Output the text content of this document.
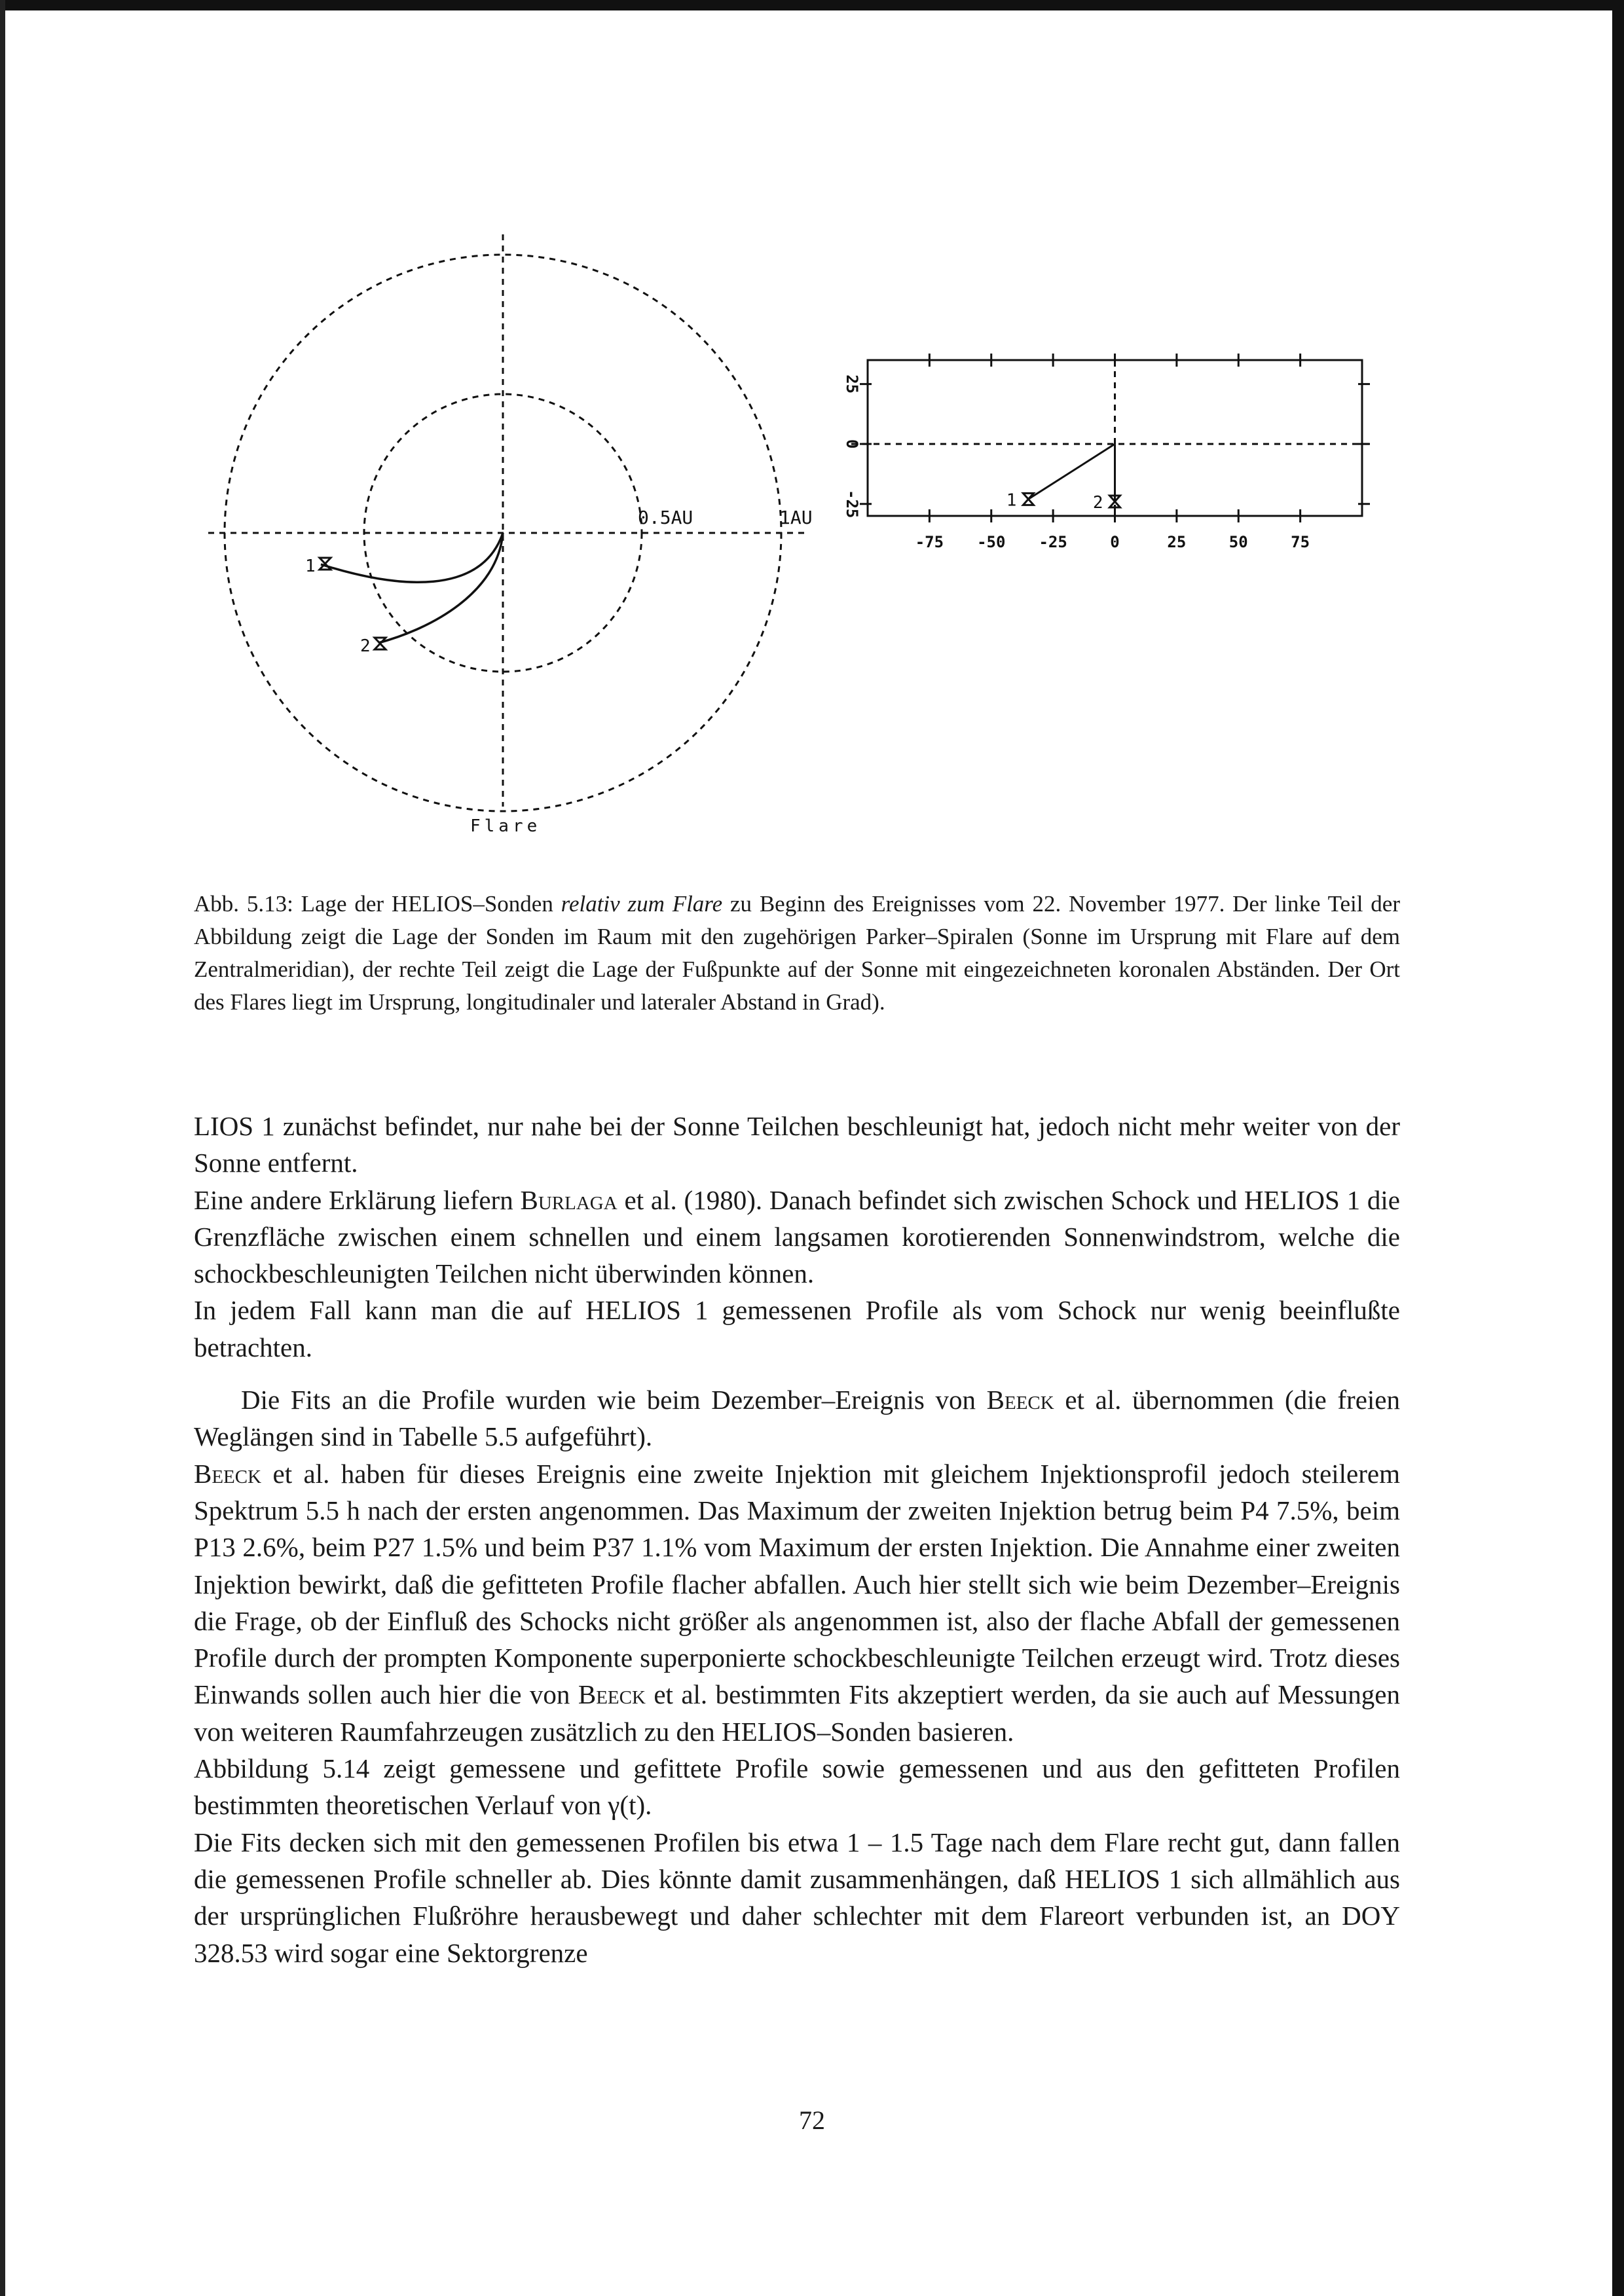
1
2
0.5AU	1AU
Flare
-75 -50 -25	0	25	50	75
25
0
-25	1	2

Abb. 5.13: Lage der HELIOS–Sonden relativ zum Flare zu Beginn des Ereignisses vom 22. November 1977. Der linke Teil der Abbildung zeigt die Lage der Sonden im Raum mit den zugehörigen Parker–Spiralen (Sonne im Ursprung mit Flare auf dem Zentralmeridian), der rechte Teil zeigt die Lage der Fußpunkte auf der Sonne mit eingezeichneten koronalen Abständen. Der Ort des Flares liegt im Ursprung, longitudinaler und lateraler Abstand in Grad).

LIOS 1 zunächst befindet, nur nahe bei der Sonne Teilchen beschleunigt hat, jedoch nicht mehr weiter von der Sonne entfernt.

Eine andere Erklärung liefern Burlaga et al. (1980). Danach befindet sich zwischen Schock und HELIOS 1 die Grenzfläche zwischen einem schnellen und einem langsamen korotierenden Sonnenwindstrom, welche die schockbeschleunigten Teilchen nicht überwinden können.

In jedem Fall kann man die auf HELIOS 1 gemessenen Profile als vom Schock nur wenig beeinflußte betrachten.

Die Fits an die Profile wurden wie beim Dezember–Ereignis von Beeck et al. übernommen (die freien Weglängen sind in Tabelle 5.5 aufgeführt).

Beeck et al. haben für dieses Ereignis eine zweite Injektion mit gleichem Injektionsprofil jedoch steilerem Spektrum 5.5 h nach der ersten angenommen. Das Maximum der zweiten Injektion betrug beim P4 7.5%, beim P13 2.6%, beim P27 1.5% und beim P37 1.1% vom Maximum der ersten Injektion. Die Annahme einer zweiten Injektion bewirkt, daß die gefitteten Profile flacher abfallen. Auch hier stellt sich wie beim Dezember–Ereignis die Frage, ob der Einfluß des Schocks nicht größer als angenommen ist, also der flache Abfall der gemessenen Profile durch der prompten Komponente superponierte schockbeschleunigte Teilchen erzeugt wird. Trotz dieses Einwands sollen auch hier die von Beeck et al. bestimmten Fits akzeptiert werden, da sie auch auf Messungen von weiteren Raumfahrzeugen zusätzlich zu den HELIOS–Sonden basieren.

Abbildung 5.14 zeigt gemessene und gefittete Profile sowie gemessenen und aus den gefitteten Profilen bestimmten theoretischen Verlauf von γ(t).

Die Fits decken sich mit den gemessenen Profilen bis etwa 1 – 1.5 Tage nach dem Flare recht gut, dann fallen die gemessenen Profile schneller ab. Dies könnte damit zusammenhängen, daß HELIOS 1 sich allmählich aus der ursprünglichen Flußröhre herausbewegt und daher schlechter mit dem Flareort verbunden ist, an DOY 328.53 wird sogar eine Sektorgrenze

72
